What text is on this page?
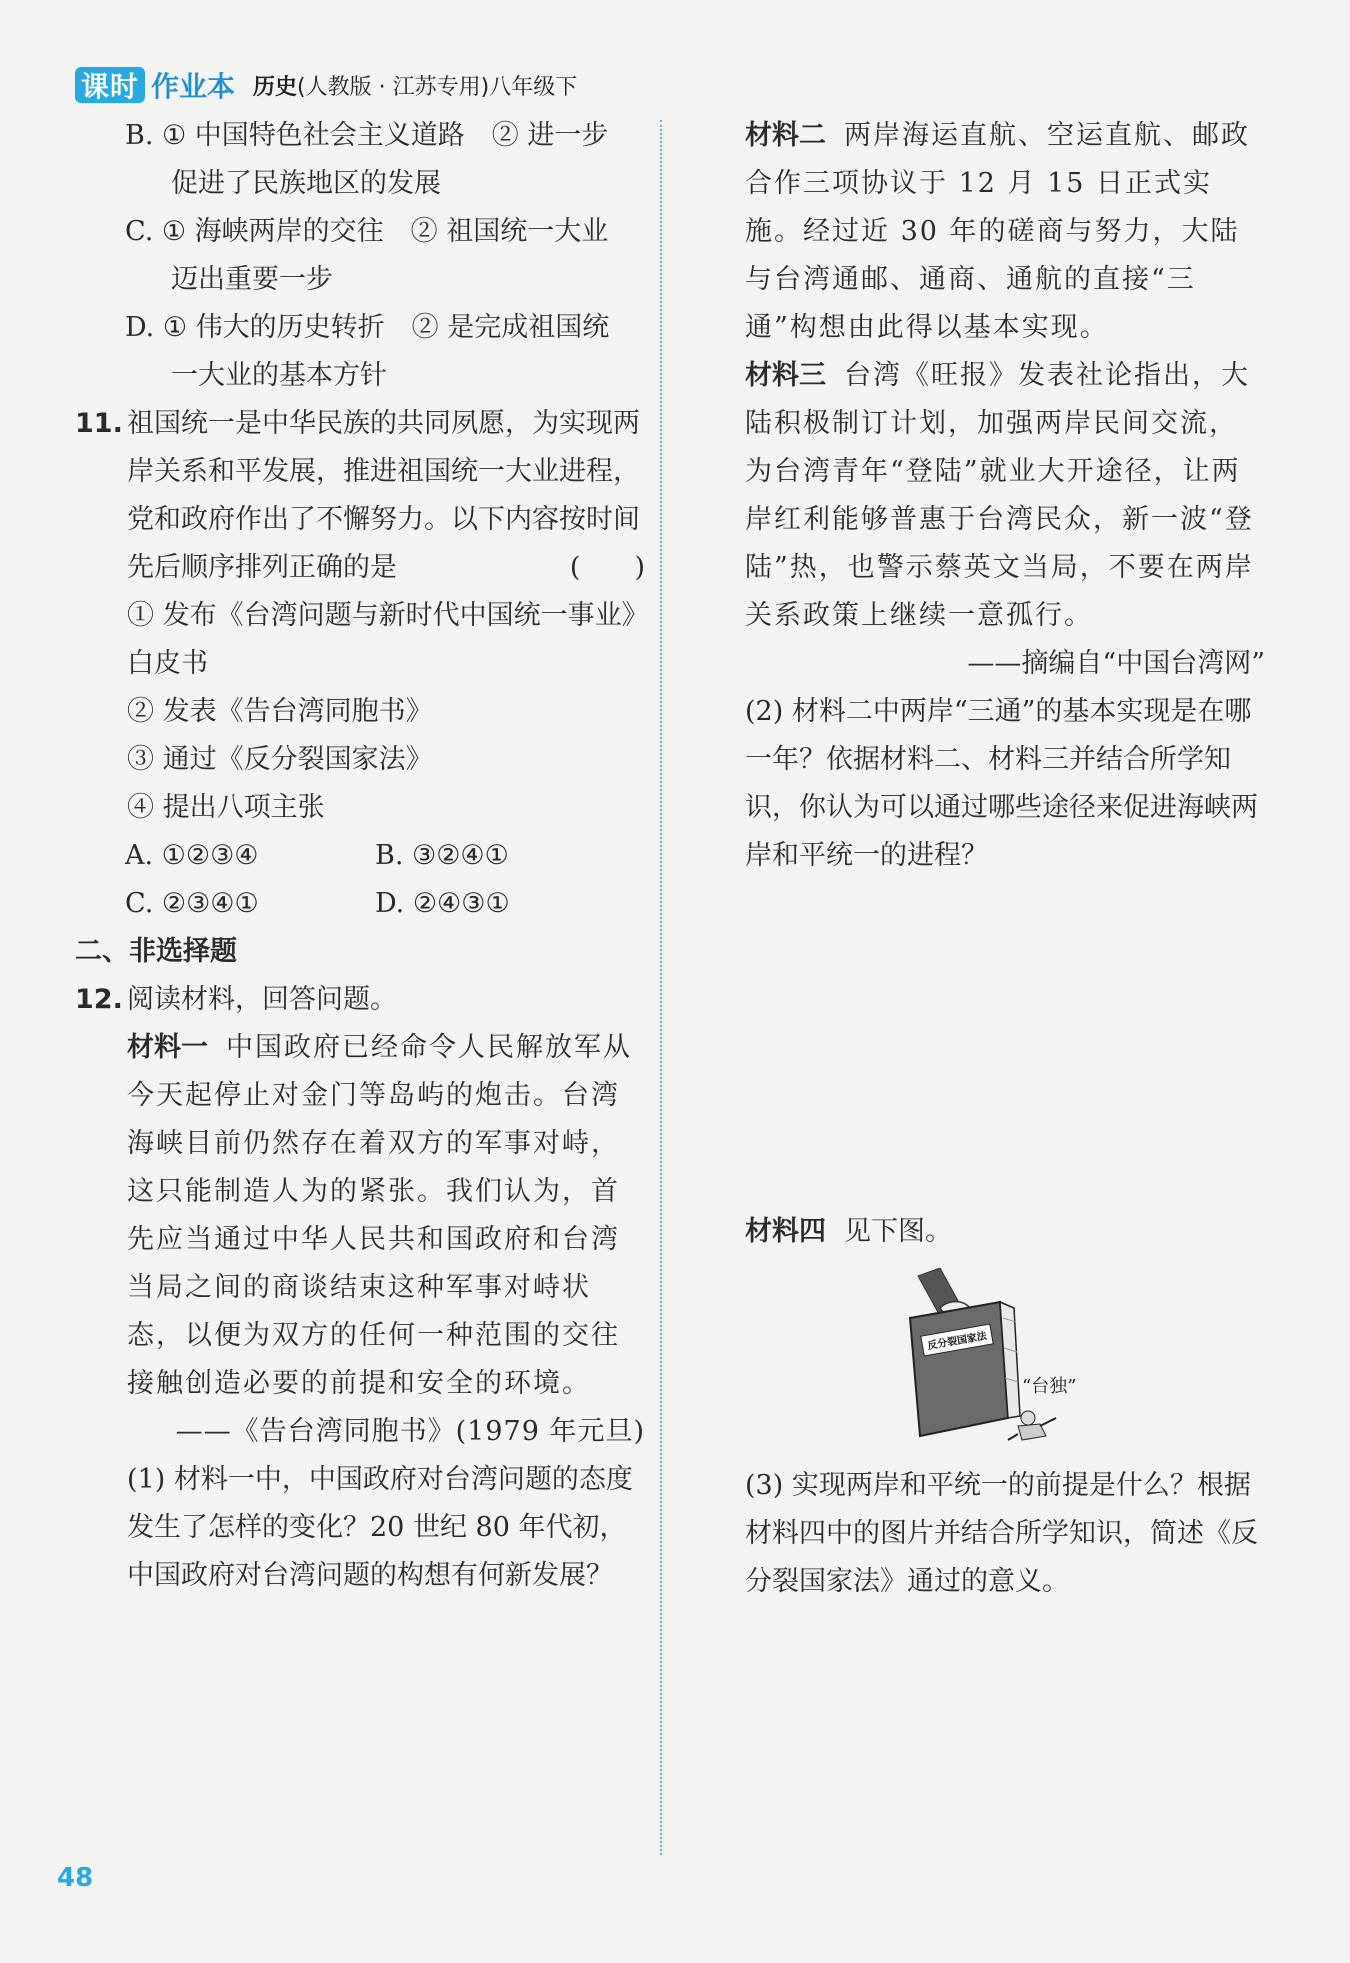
课时 作业本 历史 (人教版 · 江苏专用)八年级下

B. ① 中国特色社会主义道路　② 进一步

促进了民族地区的发展

C. ① 海峡两岸的交往　② 祖国统一大业

迈出重要一步

D. ① 伟大的历史转折　② 是完成祖国统

一大业的基本方针

11. 祖国统一是中华民族的共同夙愿，为实现两岸关系和平发展，推进祖国统一大业进程，党和政府作出了不懈努力。以下内容按时间先后顺序排列正确的是	(　　)

① 发布《台湾问题与新时代中国统一事业》

白皮书

② 发表《告台湾同胞书》

③ 通过《反分裂国家法》

④ 提出八项主张

A. ①②③④	B. ③②④①
C. ②③④①	D. ②④③①

二、非选择题

12. 阅读材料，回答问题。

材料一 中国政府已经命令人民解放军从今天起停止对金门等岛屿的炮击。台湾海峡目前仍然存在着双方的军事对峙，这只能制造人为的紧张。我们认为，首先应当通过中华人民共和国政府和台湾当局之间的商谈结束这种军事对峙状态，以便为双方的任何一种范围的交往接触创造必要的前提和安全的环境。

——《告台湾同胞书》(1979 年元旦)

(1) 材料一中，中国政府对台湾问题的态度发生了怎样的变化？20 世纪 80 年代初，中国政府对台湾问题的构想有何新发展？

材料二 两岸海运直航、空运直航、邮政合作三项协议于 12 月 15 日正式实施。经过近 30 年的磋商与努力，大陆与台湾通邮、通商、通航的直接“三通”构想由此得以基本实现。

材料三 台湾《旺报》发表社论指出，大陆积极制订计划，加强两岸民间交流，为台湾青年“登陆”就业大开途径，让两岸红利能够普惠于台湾民众，新一波“登陆”热，也警示蔡英文当局，不要在两岸关系政策上继续一意孤行。

——摘编自“中国台湾网”

(2) 材料二中两岸“三通”的基本实现是在哪一年？依据材料二、材料三并结合所学知识，你认为可以通过哪些途径来促进海峡两岸和平统一的进程？

材料四 见下图。

(3) 实现两岸和平统一的前提是什么？根据材料四中的图片并结合所学知识，简述《反分裂国家法》通过的意义。

反分裂国家法
“台独”
48
